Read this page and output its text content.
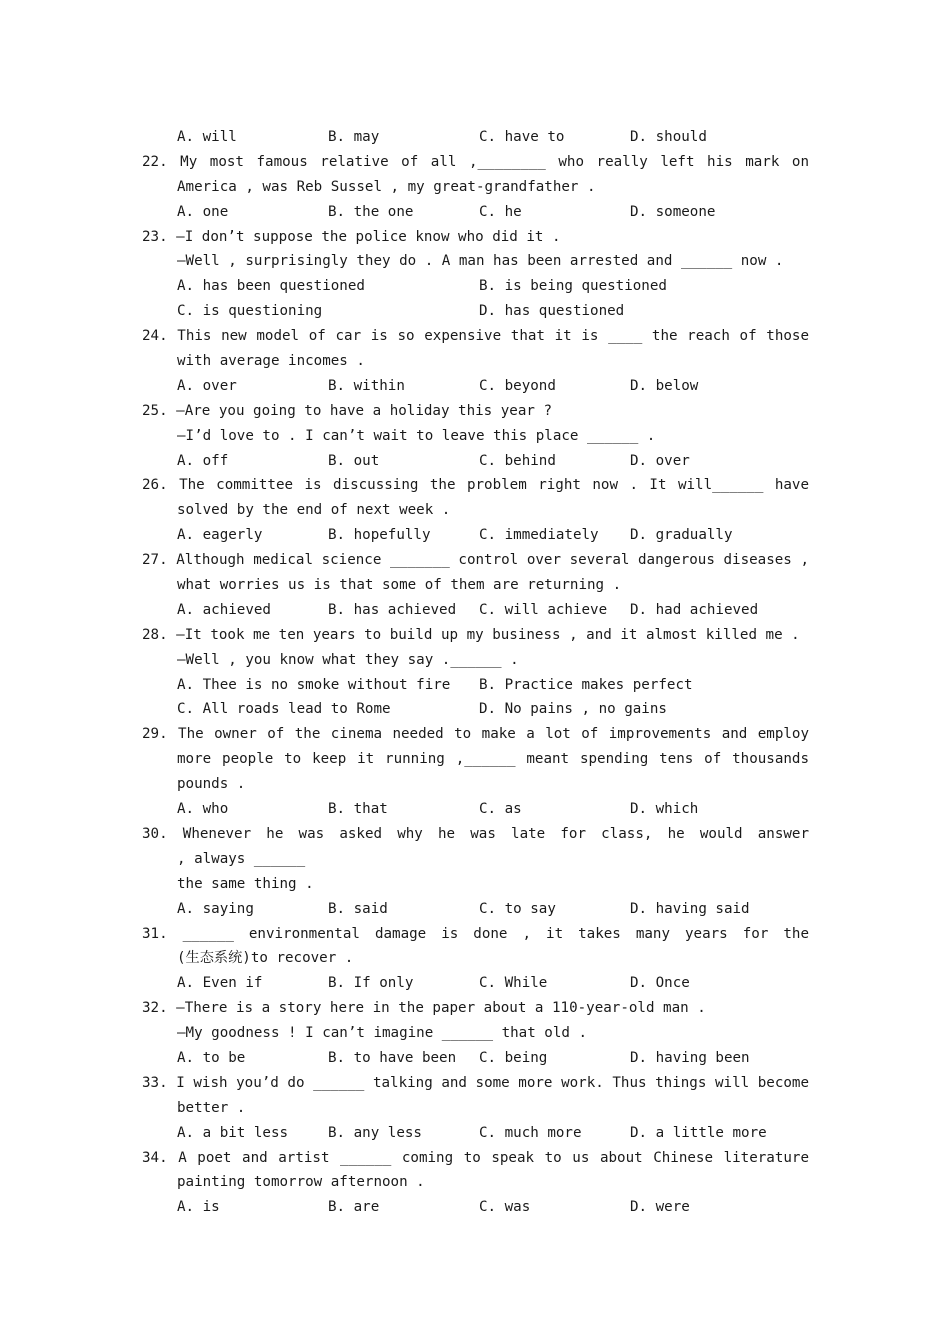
A. will	B. may	C. have to	D. should
22. My most famous relative of all ,________ who really left his mark on
America , was Reb Sussel , my great-grandfather .
A. one	B. the one	C. he	D. someone
23. —I don’t suppose the police know who did it .
—Well , surprisingly they do . A man has been arrested and ______ now .
A. has been questioned	B. is being questioned
C. is questioning	D. has questioned
24. This new model of car is so expensive that it is ____ the reach of those
with average incomes .
A. over	B. within	C. beyond	D. below
25. —Are you going to have a holiday this year ?
—I’d love to . I can’t wait to leave this place ______ .
A. off	B. out	C. behind	D. over
26. The committee is discussing the problem right now . It will______ have
solved by the end of next week .
A. eagerly	B. hopefully	C. immediately D. gradually
27. Although medical science _______ control over several dangerous diseases ,
what worries us is that some of them are returning .
A. achieved	B. has achieved C. will achieve D. had achieved
28. —It took me ten years to build up my business , and it almost killed me .
—Well , you know what they say .______ .
A. Thee is no smoke without fire B. Practice makes perfect
C. All roads lead to Rome	D. No pains , no gains
29. The owner of the cinema needed to make a lot of improvements and employ
more people to keep it running ,______ meant spending tens of thousands
pounds .
A. who	B. that	C. as	D. which
30. Whenever he was asked why he was late for class, he would answer
, always ______
the same thing .
A. saying	B. said	C. to say	D. having said
31. ______ environmental damage is done , it takes many years for the
(生态系统)to recover .
A. Even if	B. If only	C. While	D. Once
32. —There is a story here in the paper about a 110-year-old man .
—My goodness ! I can’t imagine ______ that old .
A. to be	B. to have been C. being	D. having been
33. I wish you’d do ______ talking and some more work. Thus things will become
better .
A. a bit less	B. any less	C. much more	D. a little more
34. A poet and artist ______ coming to speak to us about Chinese literature
painting tomorrow afternoon .
A. is	B. are	C. was	D. were
